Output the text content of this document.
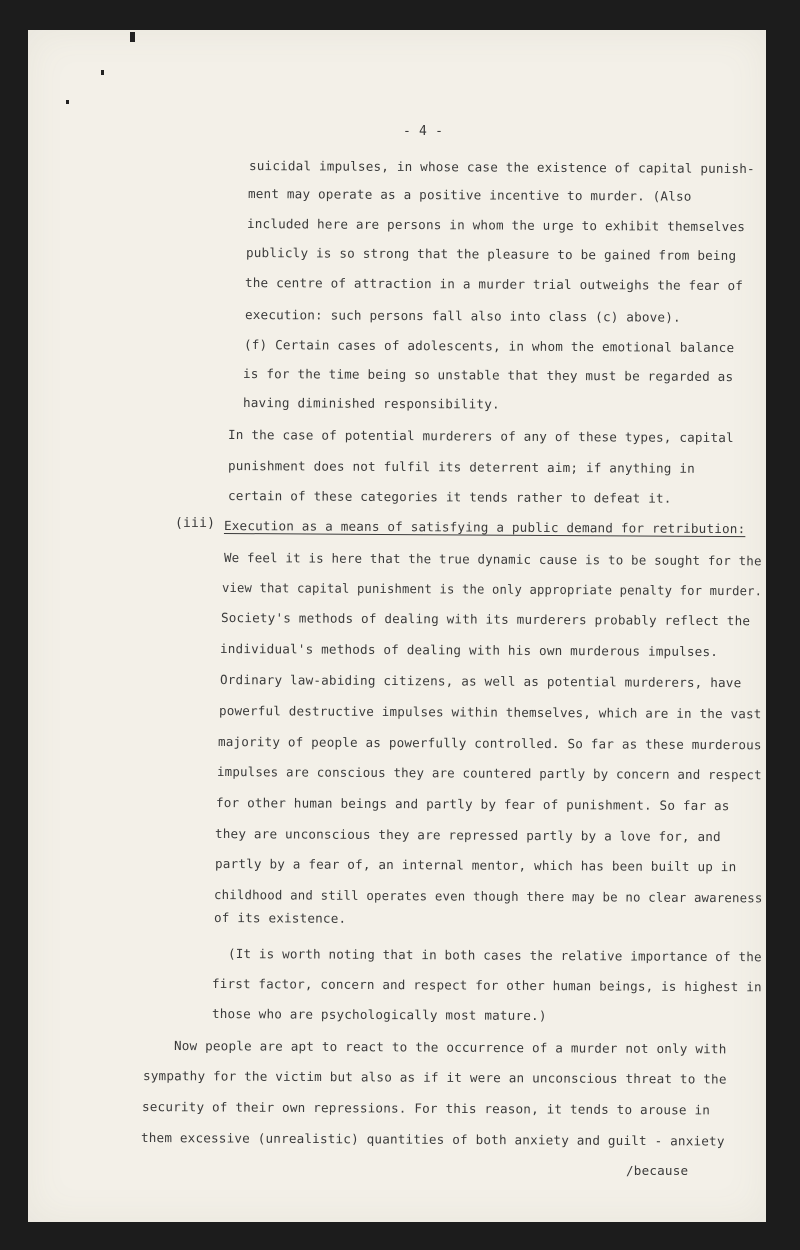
- 4 -
suicidal impulses, in whose case the existence of capital punish-
ment may operate as a positive incentive to murder. (Also
included here are persons in whom the urge to exhibit themselves
publicly is so strong that the pleasure to be gained from being
the centre of attraction in a murder trial outweighs the fear of
execution: such persons fall also into class (c) above).
(f) Certain cases of adolescents, in whom the emotional balance
is for the time being so unstable that they must be regarded as
having diminished responsibility.
In the case of potential murderers of any of these types, capital
punishment does not fulfil its deterrent aim; if anything in
certain of these categories it tends rather to defeat it.
(iii) Execution as a means of satisfying a public demand for retribution:
We feel it is here that the true dynamic cause is to be sought for the
view that capital punishment is the only appropriate penalty for murder.
Society's methods of dealing with its murderers probably reflect the
individual's methods of dealing with his own murderous impulses.
Ordinary law-abiding citizens, as well as potential murderers, have
powerful destructive impulses within themselves, which are in the vast
majority of people as powerfully controlled. So far as these murderous
impulses are conscious they are countered partly by concern and respect
for other human beings and partly by fear of punishment. So far as
they are unconscious they are repressed partly by a love for, and
partly by a fear of, an internal mentor, which has been built up in
childhood and still operates even though there may be no clear awareness
of its existence.
(It is worth noting that in both cases the relative importance of the
first factor, concern and respect for other human beings, is highest in
those who are psychologically most mature.)
Now people are apt to react to the occurrence of a murder not only with
sympathy for the victim but also as if it were an unconscious threat to the
security of their own repressions. For this reason, it tends to arouse in
them excessive (unrealistic) quantities of both anxiety and guilt - anxiety
/because
